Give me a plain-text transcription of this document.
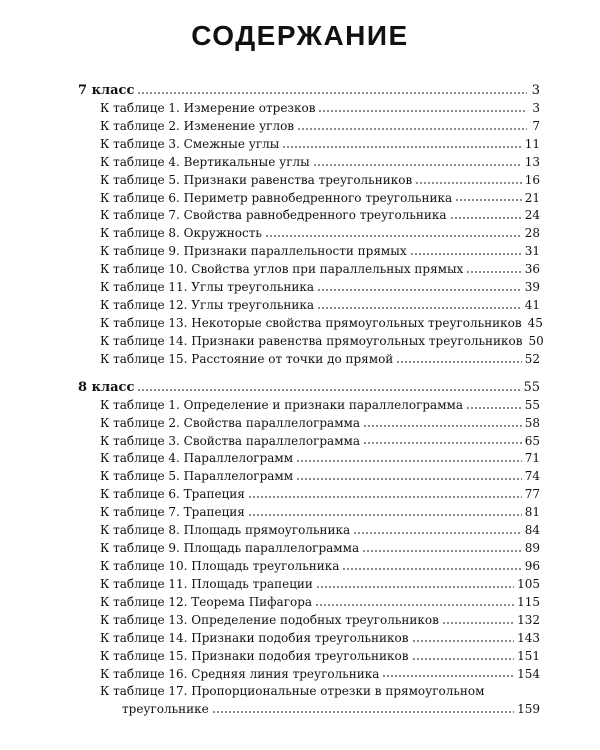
СОДЕРЖАНИЕ
7 класс	3
К таблице 1. Измерение отрезков	3
К таблице 2. Изменение углов	7
К таблице 3. Смежные углы	11
К таблице 4. Вертикальные углы	13
К таблице 5. Признаки равенства треугольников	16
К таблице 6. Периметр равнобедренного треугольника	21
К таблице 7. Свойства равнобедренного треугольника	24
К таблице 8. Окружность	28
К таблице 9. Признаки параллельности прямых	31
К таблице 10. Свойства углов при параллельных прямых	36
К таблице 11. Углы треугольника	39
К таблице 12. Углы треугольника	41
К таблице 13. Некоторые свойства прямоугольных треугольников 45
К таблице 14. Признаки равенства прямоугольных треугольников 50
К таблице 15. Расстояние от точки до прямой	52
8 класс	55
К таблице 1. Определение и признаки параллелограмма	55
К таблице 2. Свойства параллелограмма	58
К таблице 3. Свойства параллелограмма	65
К таблице 4. Параллелограмм	71
К таблице 5. Параллелограмм	74
К таблице 6. Трапеция	77
К таблице 7. Трапеция	81
К таблице 8. Площадь прямоугольника	84
К таблице 9. Площадь параллелограмма	89
К таблице 10. Площадь треугольника	96
К таблице 11. Площадь трапеции	105
К таблице 12. Теорема Пифагора	115
К таблице 13. Определение подобных треугольников	132
К таблице 14. Признаки подобия треугольников	143
К таблице 15. Признаки подобия треугольников	151
К таблице 16. Средняя линия треугольника	154
К таблице 17. Пропорциональные отрезки в прямоугольном
треугольнике	159
